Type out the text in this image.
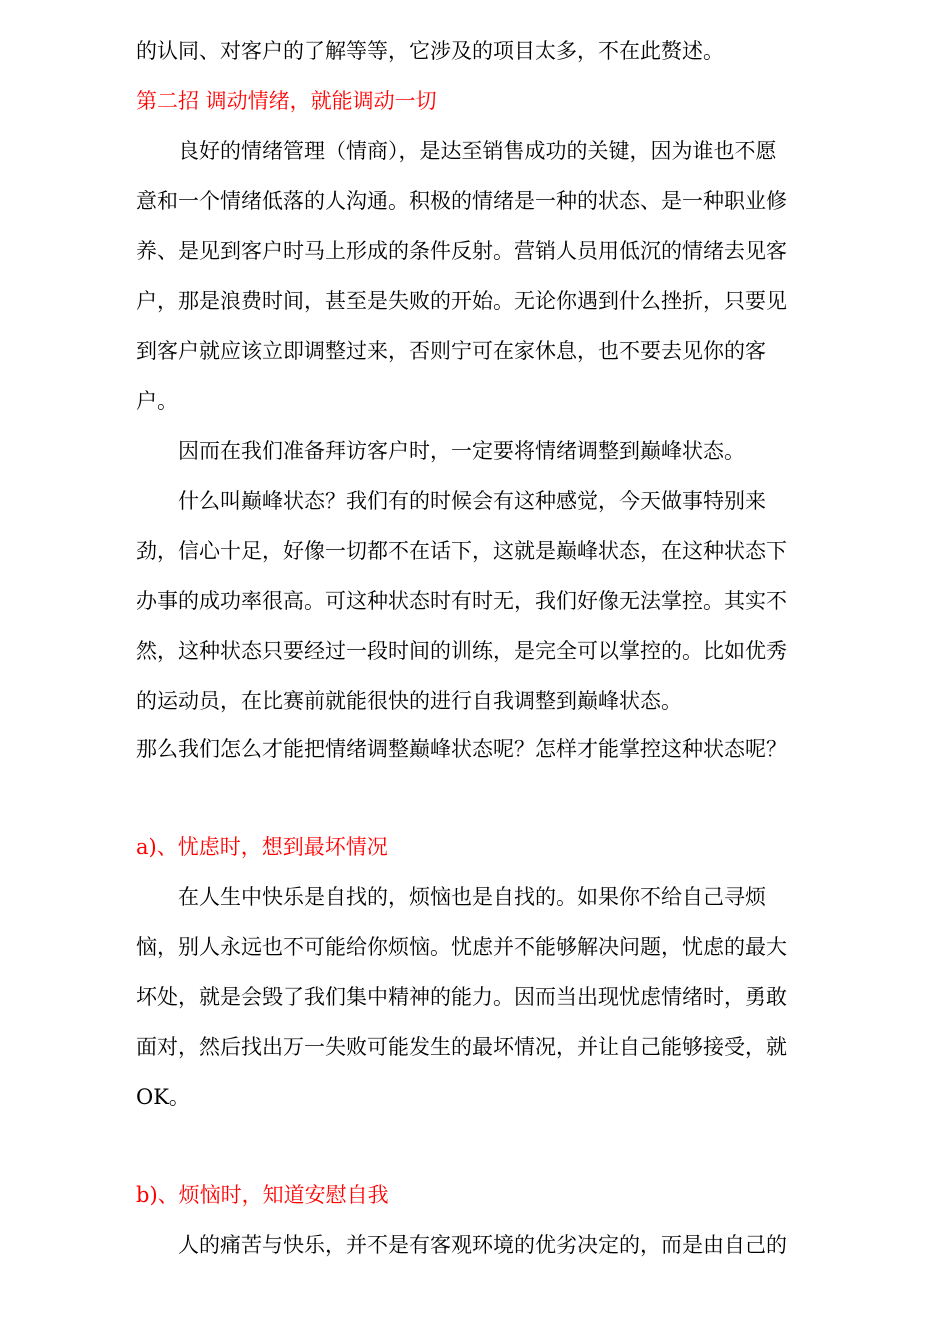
的认同、对客户的了解等等，它涉及的项目太多，不在此赘述。
第二招 调动情绪，就能调动一切
良好的情绪管理（情商），是达至销售成功的关键，因为谁也不愿
意和一个情绪低落的人沟通。积极的情绪是一种的状态、是一种职业修
养、是见到客户时马上形成的条件反射。营销人员用低沉的情绪去见客
户，那是浪费时间，甚至是失败的开始。无论你遇到什么挫折，只要见
到客户就应该立即调整过来，否则宁可在家休息，也不要去见你的客
户。
因而在我们准备拜访客户时，一定要将情绪调整到巅峰状态。
什么叫巅峰状态？我们有的时候会有这种感觉，今天做事特别来
劲，信心十足，好像一切都不在话下，这就是巅峰状态，在这种状态下
办事的成功率很高。可这种状态时有时无，我们好像无法掌控。其实不
然，这种状态只要经过一段时间的训练，是完全可以掌控的。比如优秀
的运动员，在比赛前就能很快的进行自我调整到巅峰状态。
那么我们怎么才能把情绪调整巅峰状态呢？怎样才能掌控这种状态呢？
a)、忧虑时，想到最坏情况
在人生中快乐是自找的，烦恼也是自找的。如果你不给自己寻烦
恼，别人永远也不可能给你烦恼。忧虑并不能够解决问题，忧虑的最大
坏处，就是会毁了我们集中精神的能力。因而当出现忧虑情绪时，勇敢
面对，然后找出万一失败可能发生的最坏情况，并让自己能够接受，就
OK。
b)、烦恼时，知道安慰自我
人的痛苦与快乐，并不是有客观环境的优劣决定的，而是由自己的
